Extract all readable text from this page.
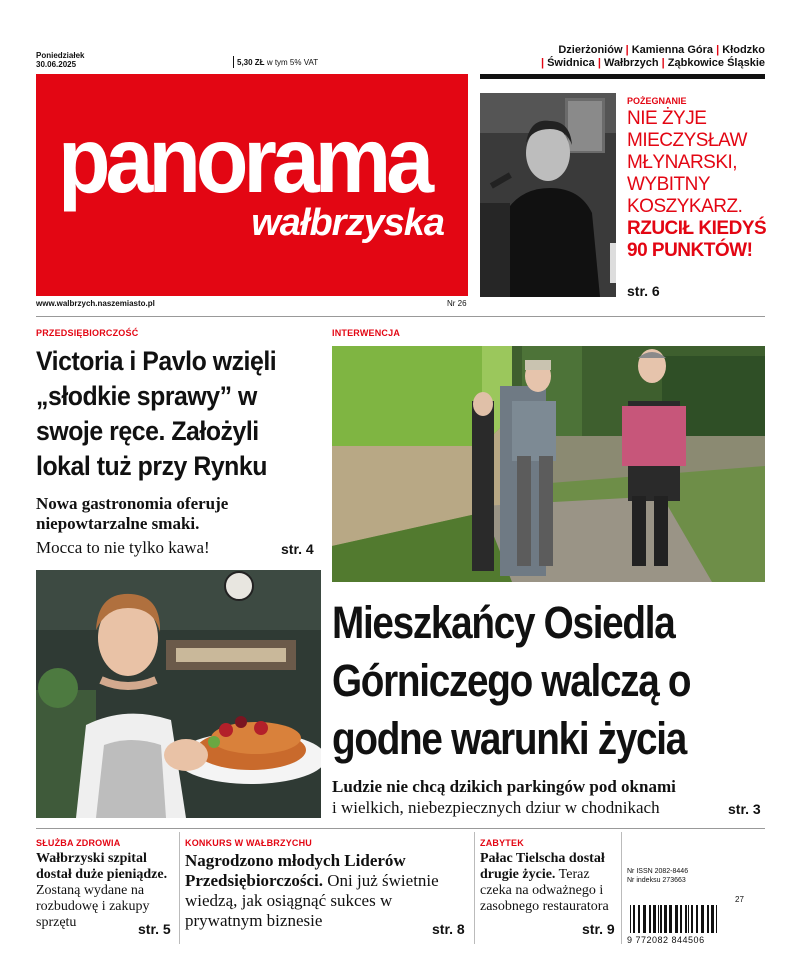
Poniedziałek
30.06.2025	5,30 ZŁ w tym 5% VAT
Dzierżoniów | Kamienna Góra | Kłodzko
| Świdnica | Wałbrzych | Ząbkowice Śląskie
panorama
wałbrzyska
www.walbrzych.naszemiasto.pl	Nr 26
POŻEGNANIE
NIE ŻYJE MIECZYSŁAW MŁYNARSKI, WYBITNY KOSZYKARZ. RZUCIŁ KIEDYŚ 90 PUNKTÓW!
str. 6
PRZEDSIĘBIORCZOŚĆ
Victoria i Pavlo wzięli „słodkie sprawy” w swoje ręce. Założyli lokal tuż przy Rynku
Nowa gastronomia oferuje niepowtarzalne smaki.
Mocca to nie tylko kawa!	str. 4
INTERWENCJA
Mieszkańcy Osiedla Górniczego walczą o godne warunki życia
Ludzie nie chcą dzikich parkingów pod oknami
i wielkich, niebezpiecznych dziur w chodnikach	str. 3
SŁUŻBA ZDROWIA
Wałbrzyski szpital dostał duże pieniądze. Zostaną wydane na rozbudowę i zakupy sprzętu	str. 5
KONKURS W WAŁBRZYCHU
Nagrodzono młodych Liderów Przedsiębiorczości. Oni już świetnie wiedzą, jak osiągnąć sukces w prywatnym biznesie	str. 8
ZABYTEK
Pałac Tielscha dostał drugie życie. Teraz czeka na odważnego i zasobnego restauratora
str. 9
Nr ISSN 2082-8446
Nr indeksu 273663
27
9 772082 844506
